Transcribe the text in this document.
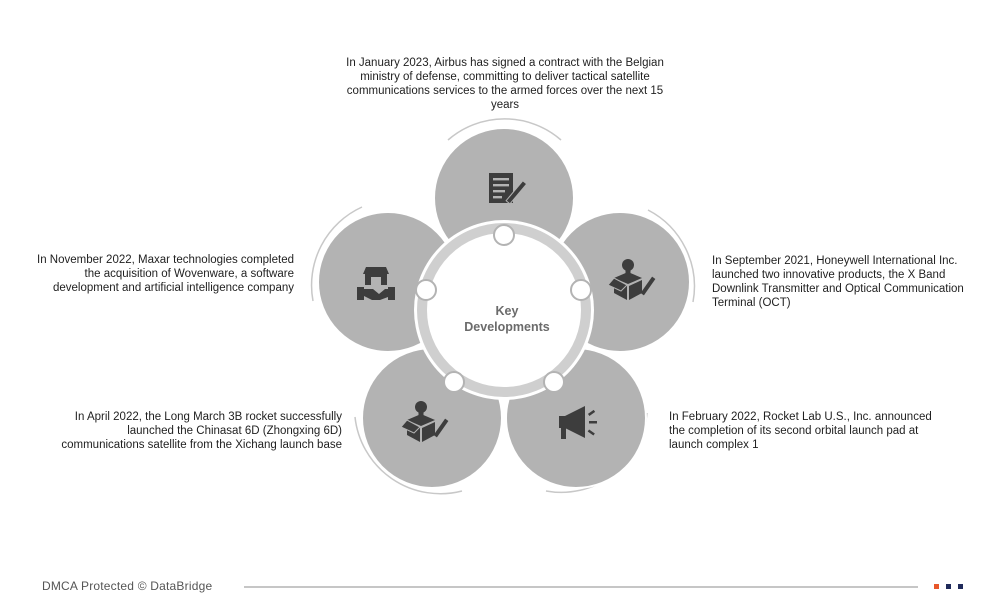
Key
Developments
In January 2023, Airbus has signed a contract with the Belgian ministry of defense, committing to deliver tactical satellite communications services to the armed forces over the next 15 years
In September 2021, Honeywell International Inc. launched two innovative products, the X Band Downlink Transmitter and Optical Communication Terminal (OCT)
In February 2022, Rocket Lab U.S., Inc. announced the completion of its second orbital launch pad at launch complex 1
In April 2022, the Long March 3B rocket successfully launched the Chinasat 6D (Zhongxing 6D) communications satellite from the Xichang launch base
In November 2022, Maxar technologies completed the acquisition of Wovenware, a software development and artificial intelligence company
DMCA Protected © DataBridge
